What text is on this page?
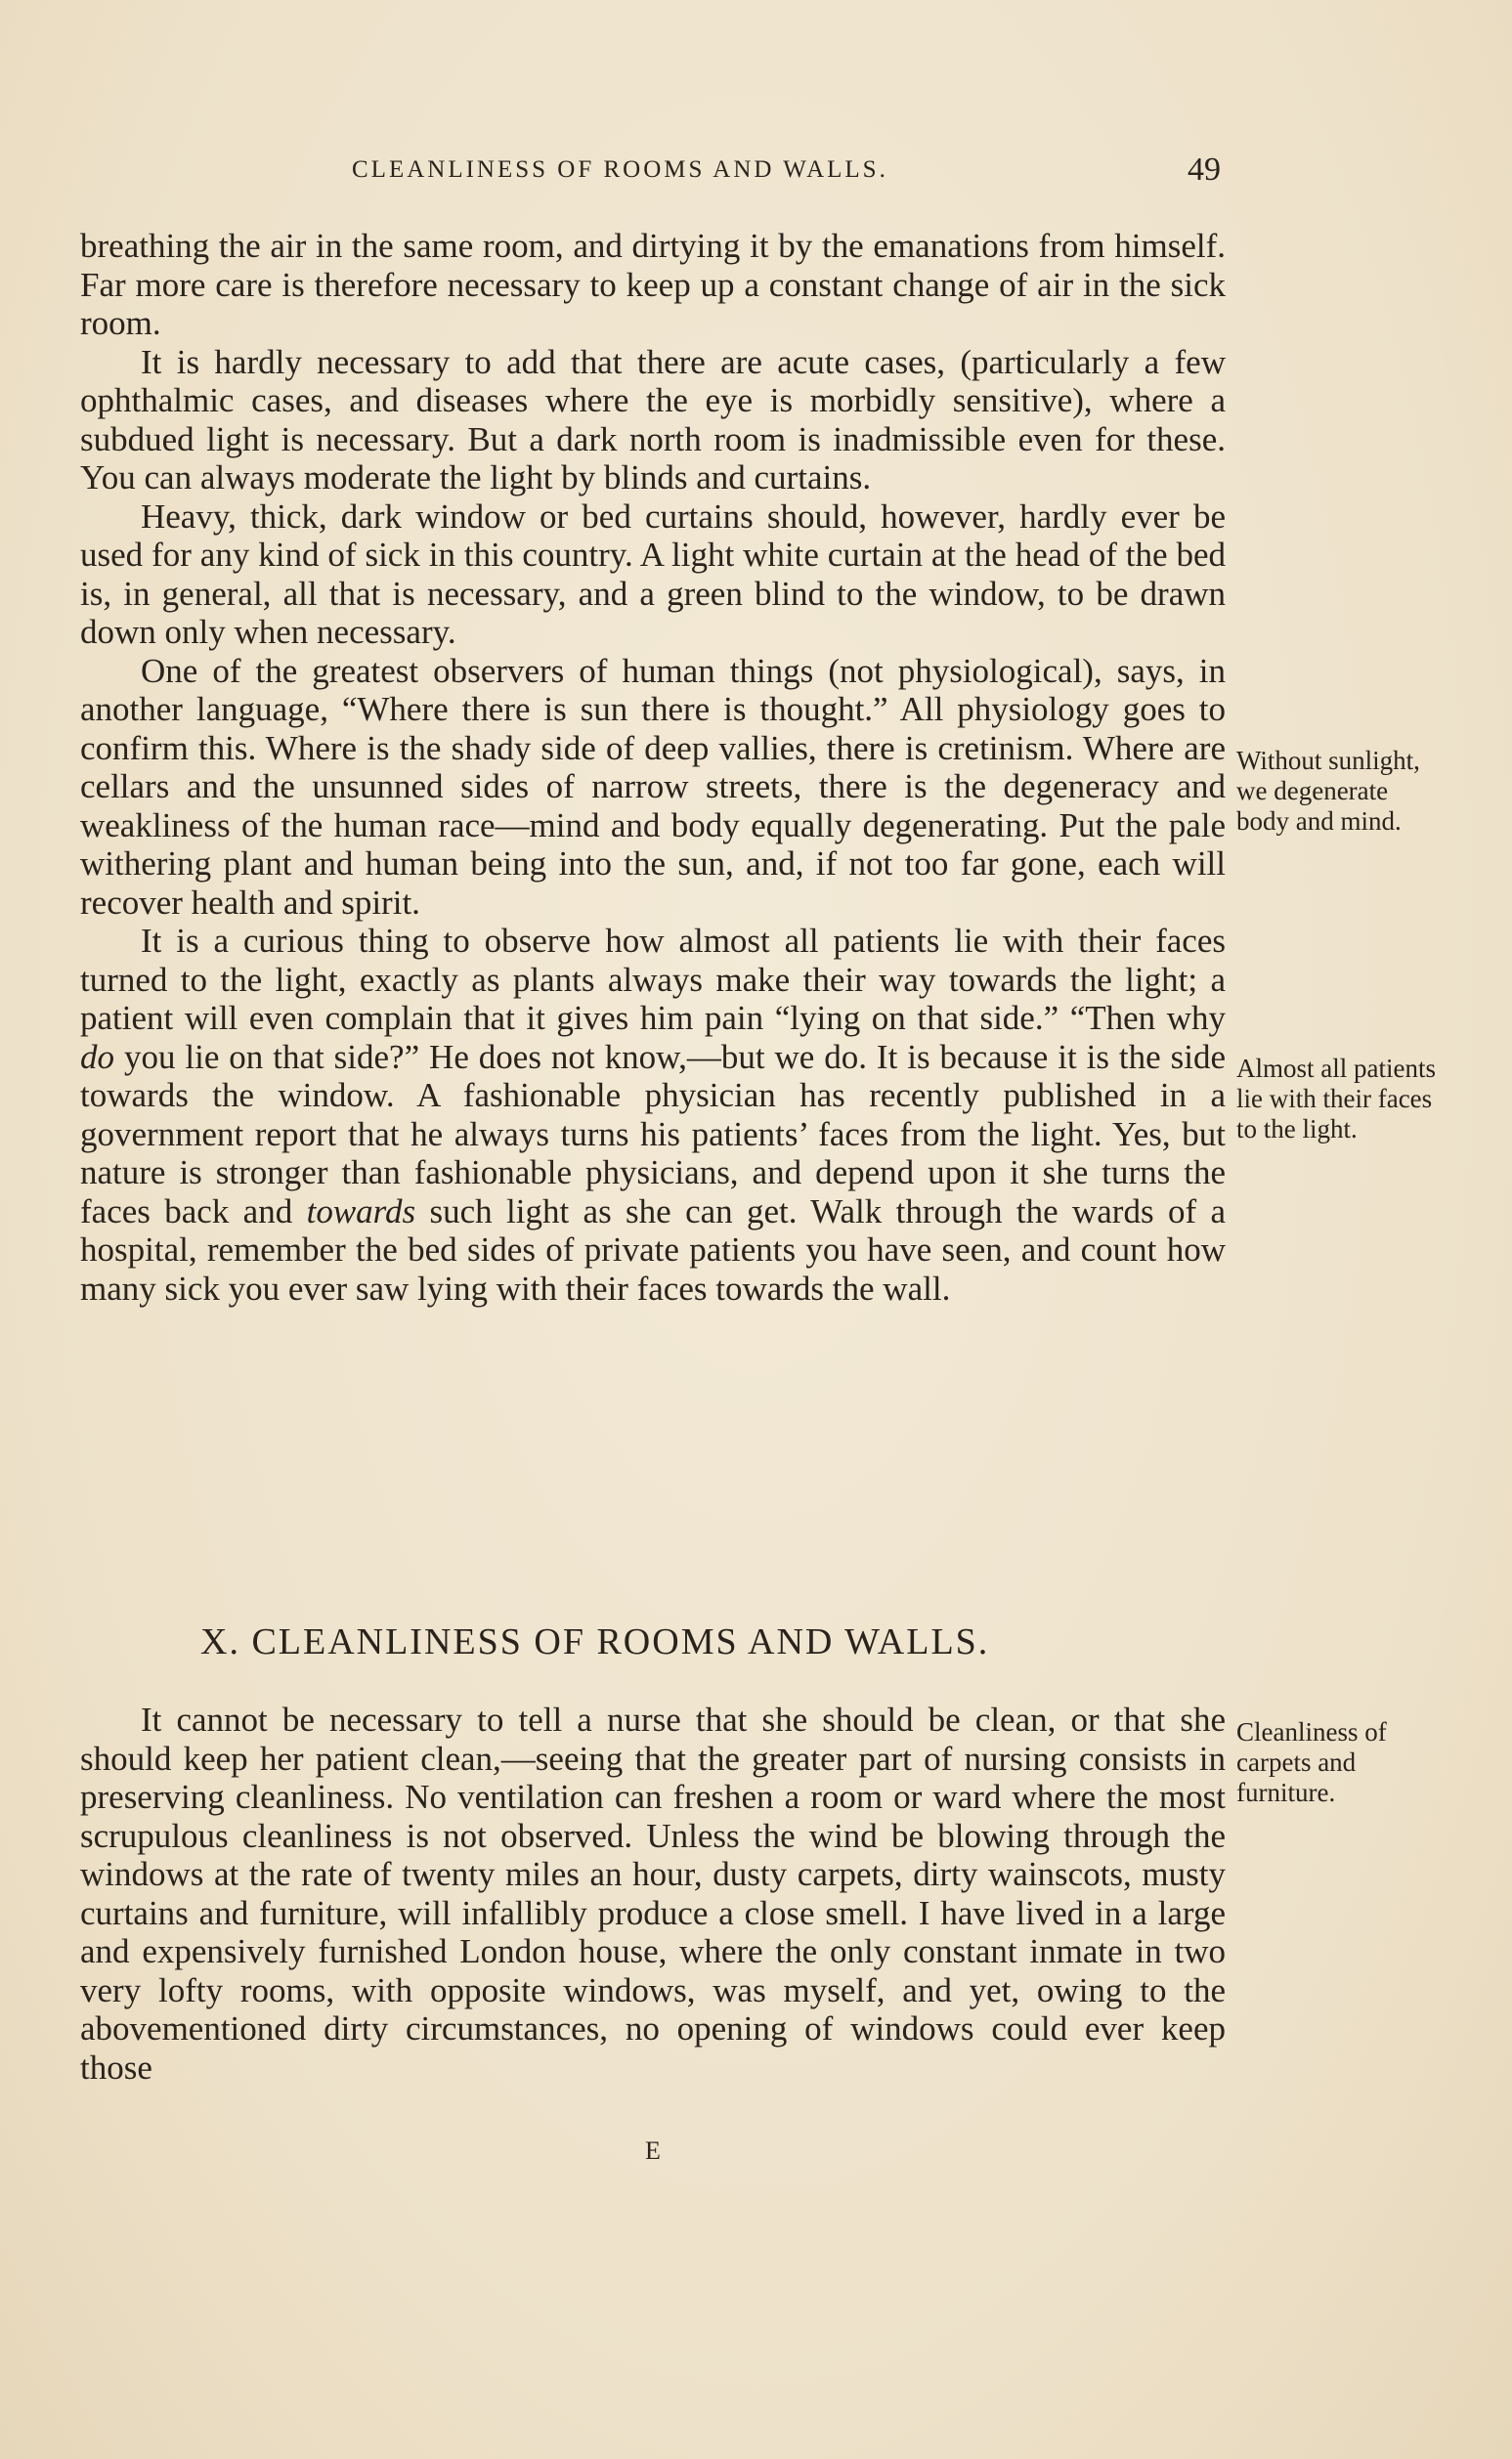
CLEANLINESS OF ROOMS AND WALLS.	49

breathing the air in the same room, and dirtying it by the emanations from himself. Far more care is therefore necessary to keep up a constant change of air in the sick room.

It is hardly necessary to add that there are acute cases, (particularly a few ophthalmic cases, and diseases where the eye is morbidly sensitive), where a subdued light is necessary. But a dark north room is inadmissible even for these. You can always moderate the light by blinds and curtains.

Heavy, thick, dark window or bed curtains should, however, hardly ever be used for any kind of sick in this country. A light white curtain at the head of the bed is, in general, all that is necessary, and a green blind to the window, to be drawn down only when necessary.

One of the greatest observers of human things (not physiological), says, in another language, “Where there is sun there is thought.” All physiology goes to confirm this. Where is the shady side of deep vallies, there is cretinism. Where are cellars and the unsunned sides of narrow streets, there is the degeneracy and weakliness of the human race—mind and body equally degenerating. Put the pale withering plant and human being into the sun, and, if not too far gone, each will recover health and spirit.

It is a curious thing to observe how almost all patients lie with their faces turned to the light, exactly as plants always make their way towards the light; a patient will even complain that it gives him pain “lying on that side.” “Then why do you lie on that side?” He does not know,—but we do. It is because it is the side towards the window. A fashionable physician has recently published in a government report that he always turns his patients’ faces from the light. Yes, but nature is stronger than fashionable physicians, and depend upon it she turns the faces back and towards such light as she can get. Walk through the wards of a hospital, remember the bed sides of private patients you have seen, and count how many sick you ever saw lying with their faces towards the wall.

Without sunlight, we degenerate body and mind.
Almost all patients lie with their faces to the light.
X. CLEANLINESS OF ROOMS AND WALLS.

It cannot be necessary to tell a nurse that she should be clean, or that she should keep her patient clean,—seeing that the greater part of nursing consists in preserving cleanliness. No ventilation can freshen a room or ward where the most scrupulous cleanliness is not observed. Unless the wind be blowing through the windows at the rate of twenty miles an hour, dusty carpets, dirty wainscots, musty curtains and furniture, will infallibly produce a close smell. I have lived in a large and expensively furnished London house, where the only constant inmate in two very lofty rooms, with opposite windows, was myself, and yet, owing to the abovementioned dirty circumstances, no opening of windows could ever keep those

Cleanliness of carpets and furniture.
E
